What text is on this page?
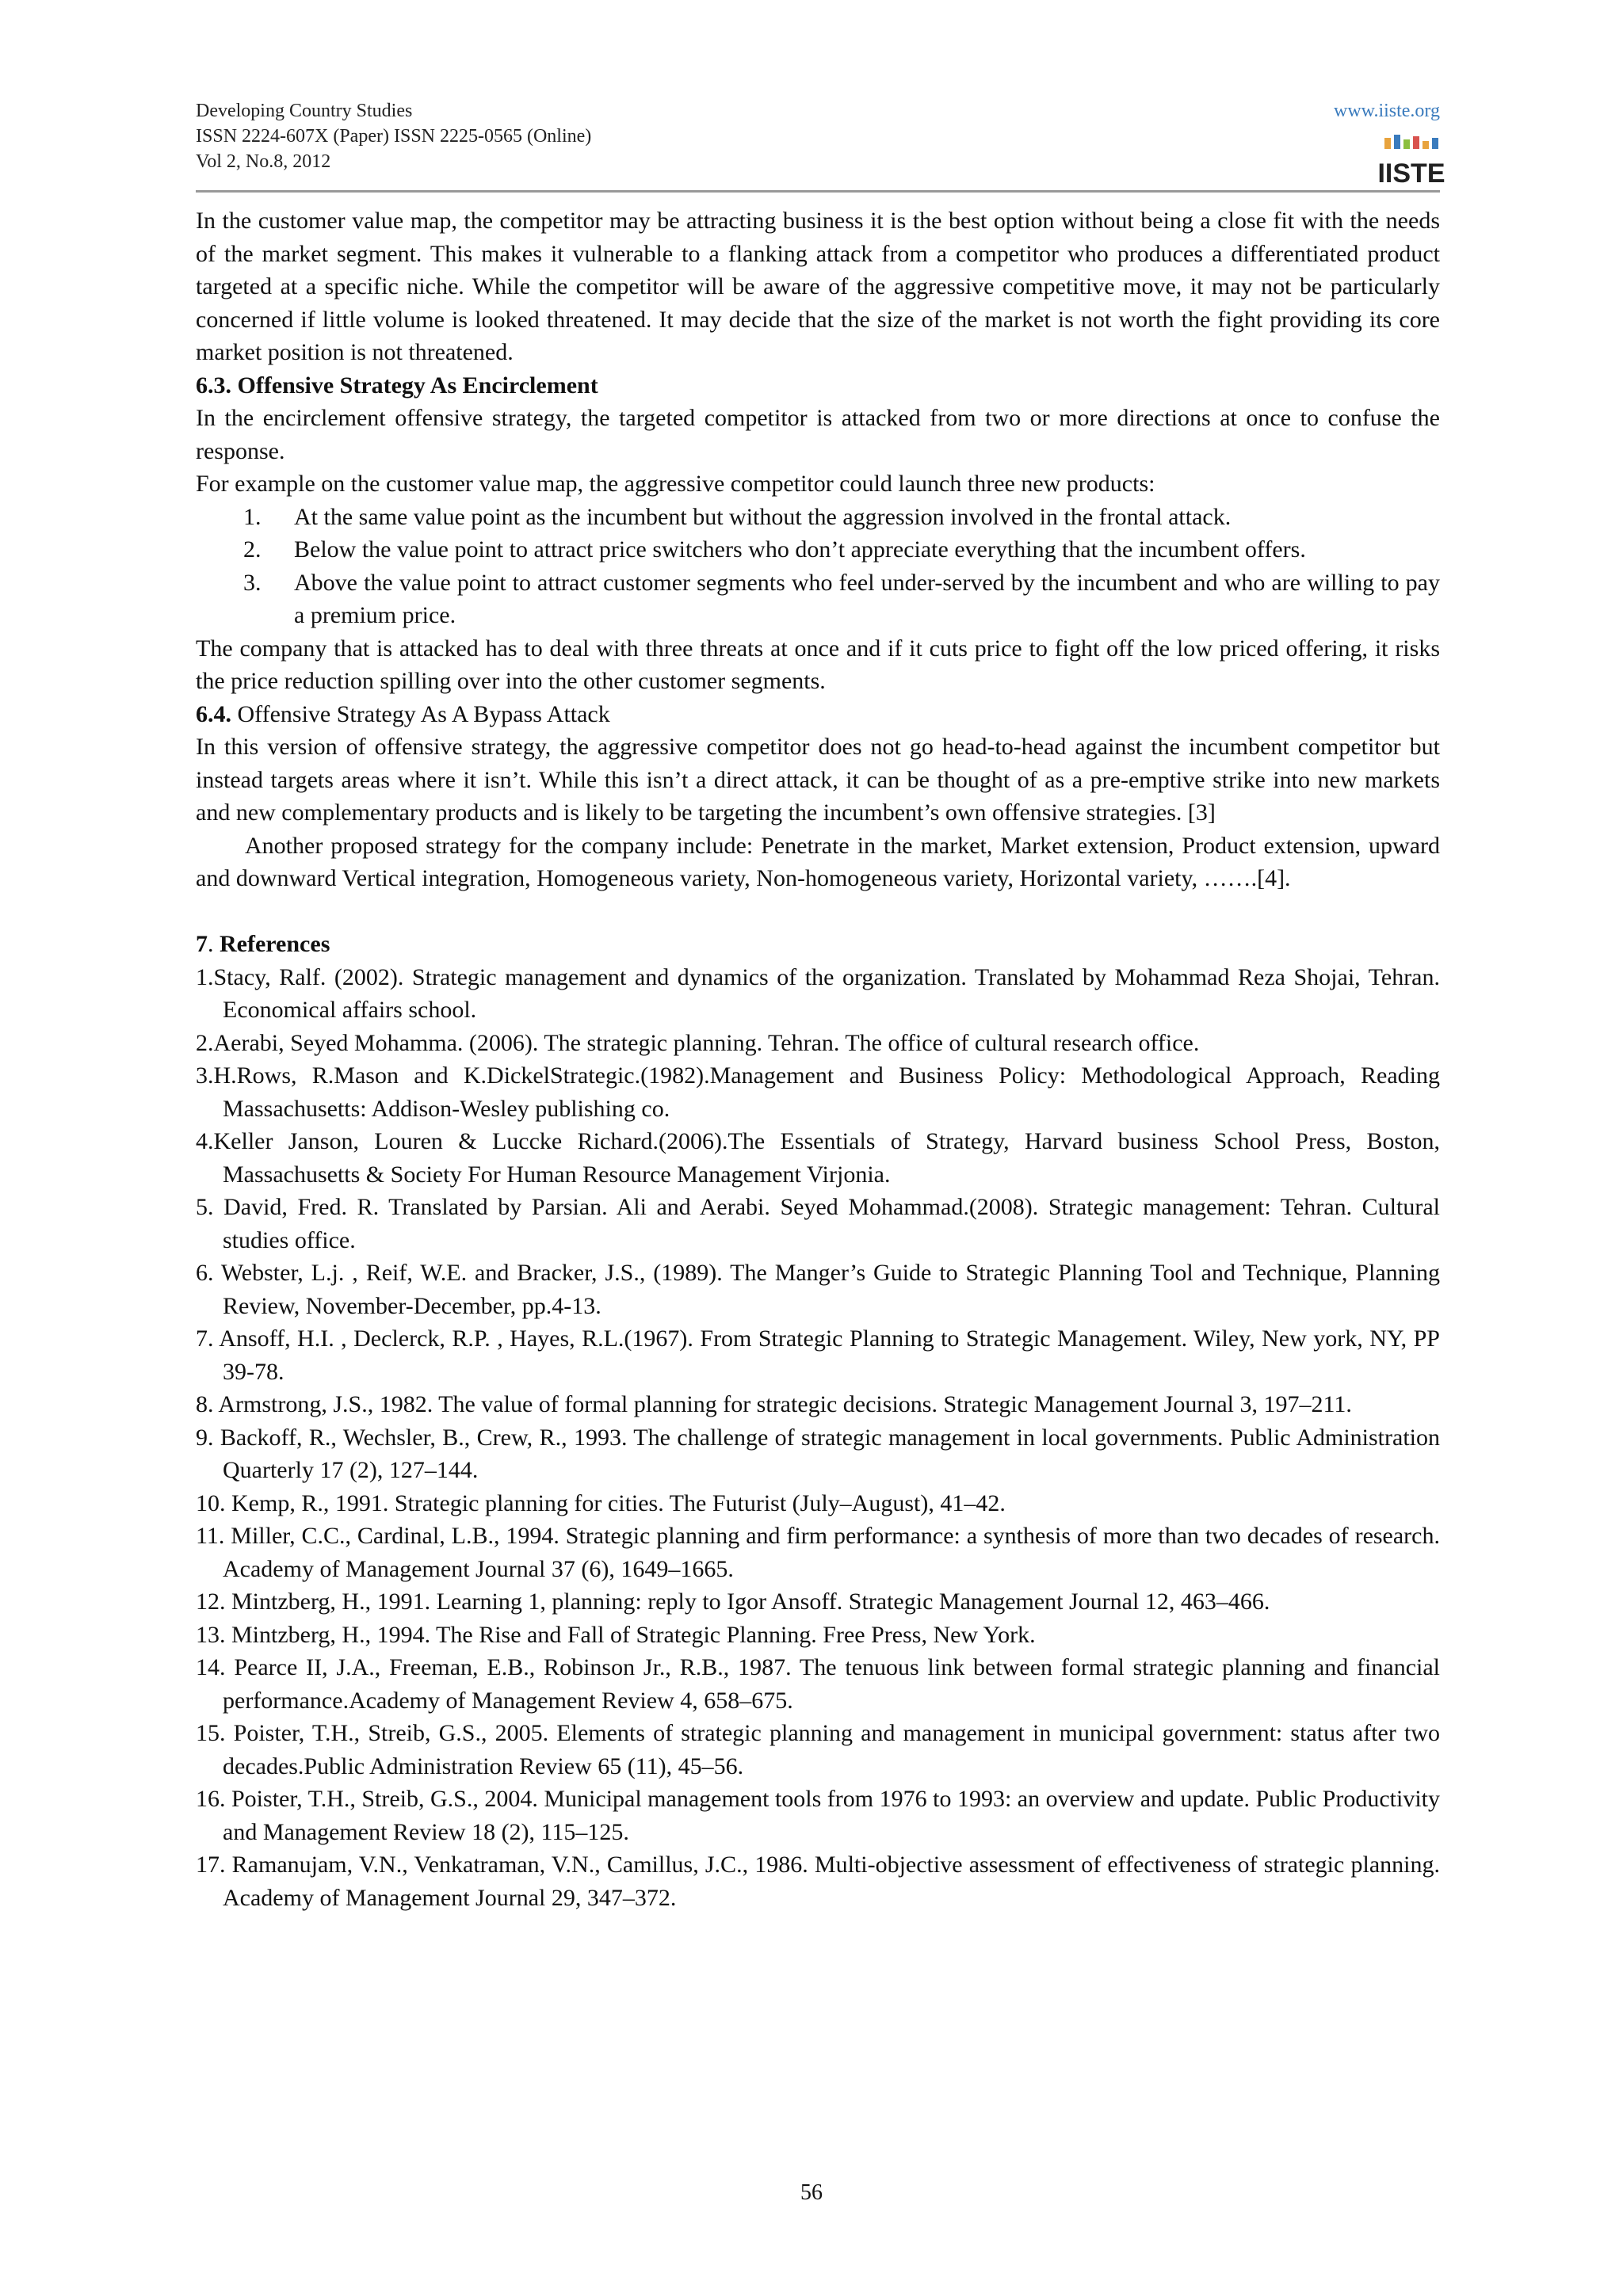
Developing Country Studies
ISSN 2224-607X (Paper) ISSN 2225-0565 (Online)
Vol 2, No.8, 2012
www.iiste.org
IISTE

In the customer value map, the competitor may be attracting business it is the best option without being a close fit with the needs of the market segment. This makes it vulnerable to a flanking attack from a competitor who produces a differentiated product targeted at a specific niche. While the competitor will be aware of the aggressive competitive move, it may not be particularly concerned if little volume is looked threatened. It may decide that the size of the market is not worth the fight providing its core market position is not threatened.

6.3. Offensive Strategy As Encirclement

In the encirclement offensive strategy, the targeted competitor is attacked from two or more directions at once to confuse the response.

For example on the customer value map, the aggressive competitor could launch three new products:

1. At the same value point as the incumbent but without the aggression involved in the frontal attack.
2. Below the value point to attract price switchers who don’t appreciate everything that the incumbent offers.
3. Above the value point to attract customer segments who feel under-served by the incumbent and who are willing to pay a premium price.

The company that is attacked has to deal with three threats at once and if it cuts price to fight off the low priced offering, it risks the price reduction spilling over into the other customer segments.

6.4. Offensive Strategy As A Bypass Attack

In this version of offensive strategy, the aggressive competitor does not go head-to-head against the incumbent competitor but instead targets areas where it isn’t. While this isn’t a direct attack, it can be thought of as a pre-emptive strike into new markets and new complementary products and is likely to be targeting the incumbent’s own offensive strategies. [3]

Another proposed strategy for the company include: Penetrate in the market, Market extension, Product extension, upward and downward Vertical integration, Homogeneous variety, Non-homogeneous variety, Horizontal variety, …….[4].

7. References

1.Stacy, Ralf. (2002). Strategic management and dynamics of the organization. Translated by Mohammad Reza Shojai, Tehran. Economical affairs school.
2.Aerabi, Seyed Mohamma. (2006). The strategic planning. Tehran. The office of cultural research office.
3.H.Rows, R.Mason and K.DickelStrategic.(1982).Management and Business Policy: Methodological Approach, Reading Massachusetts: Addison-Wesley publishing co.
4.Keller Janson, Louren & Luccke Richard.(2006).The Essentials of Strategy, Harvard business School Press, Boston, Massachusetts & Society For Human Resource Management Virjonia.
5. David, Fred. R. Translated by Parsian. Ali and Aerabi. Seyed Mohammad.(2008). Strategic management: Tehran. Cultural studies office.
6. Webster, L.j. , Reif, W.E. and Bracker, J.S., (1989). The Manger’s Guide to Strategic Planning Tool and Technique, Planning Review, November-December, pp.4-13.
7. Ansoff, H.I. , Declerck, R.P. , Hayes, R.L.(1967). From Strategic Planning to Strategic Management. Wiley, New york, NY, PP 39-78.
8. Armstrong, J.S., 1982. The value of formal planning for strategic decisions. Strategic Management Journal 3, 197–211.
9. Backoff, R., Wechsler, B., Crew, R., 1993. The challenge of strategic management in local governments. Public Administration Quarterly 17 (2), 127–144.
10. Kemp, R., 1991. Strategic planning for cities. The Futurist (July–August), 41–42.
11. Miller, C.C., Cardinal, L.B., 1994. Strategic planning and firm performance: a synthesis of more than two decades of research. Academy of Management Journal 37 (6), 1649–1665.
12. Mintzberg, H., 1991. Learning 1, planning: reply to Igor Ansoff. Strategic Management Journal 12, 463–466.
13. Mintzberg, H., 1994. The Rise and Fall of Strategic Planning. Free Press, New York.
14. Pearce II, J.A., Freeman, E.B., Robinson Jr., R.B., 1987. The tenuous link between formal strategic planning and financial performance.Academy of Management Review 4, 658–675.
15. Poister, T.H., Streib, G.S., 2005. Elements of strategic planning and management in municipal government: status after two decades.Public Administration Review 65 (11), 45–56.
16. Poister, T.H., Streib, G.S., 2004. Municipal management tools from 1976 to 1993: an overview and update. Public Productivity and Management Review 18 (2), 115–125.
17. Ramanujam, V.N., Venkatraman, V.N., Camillus, J.C., 1986. Multi-objective assessment of effectiveness of strategic planning. Academy of Management Journal 29, 347–372.
56
